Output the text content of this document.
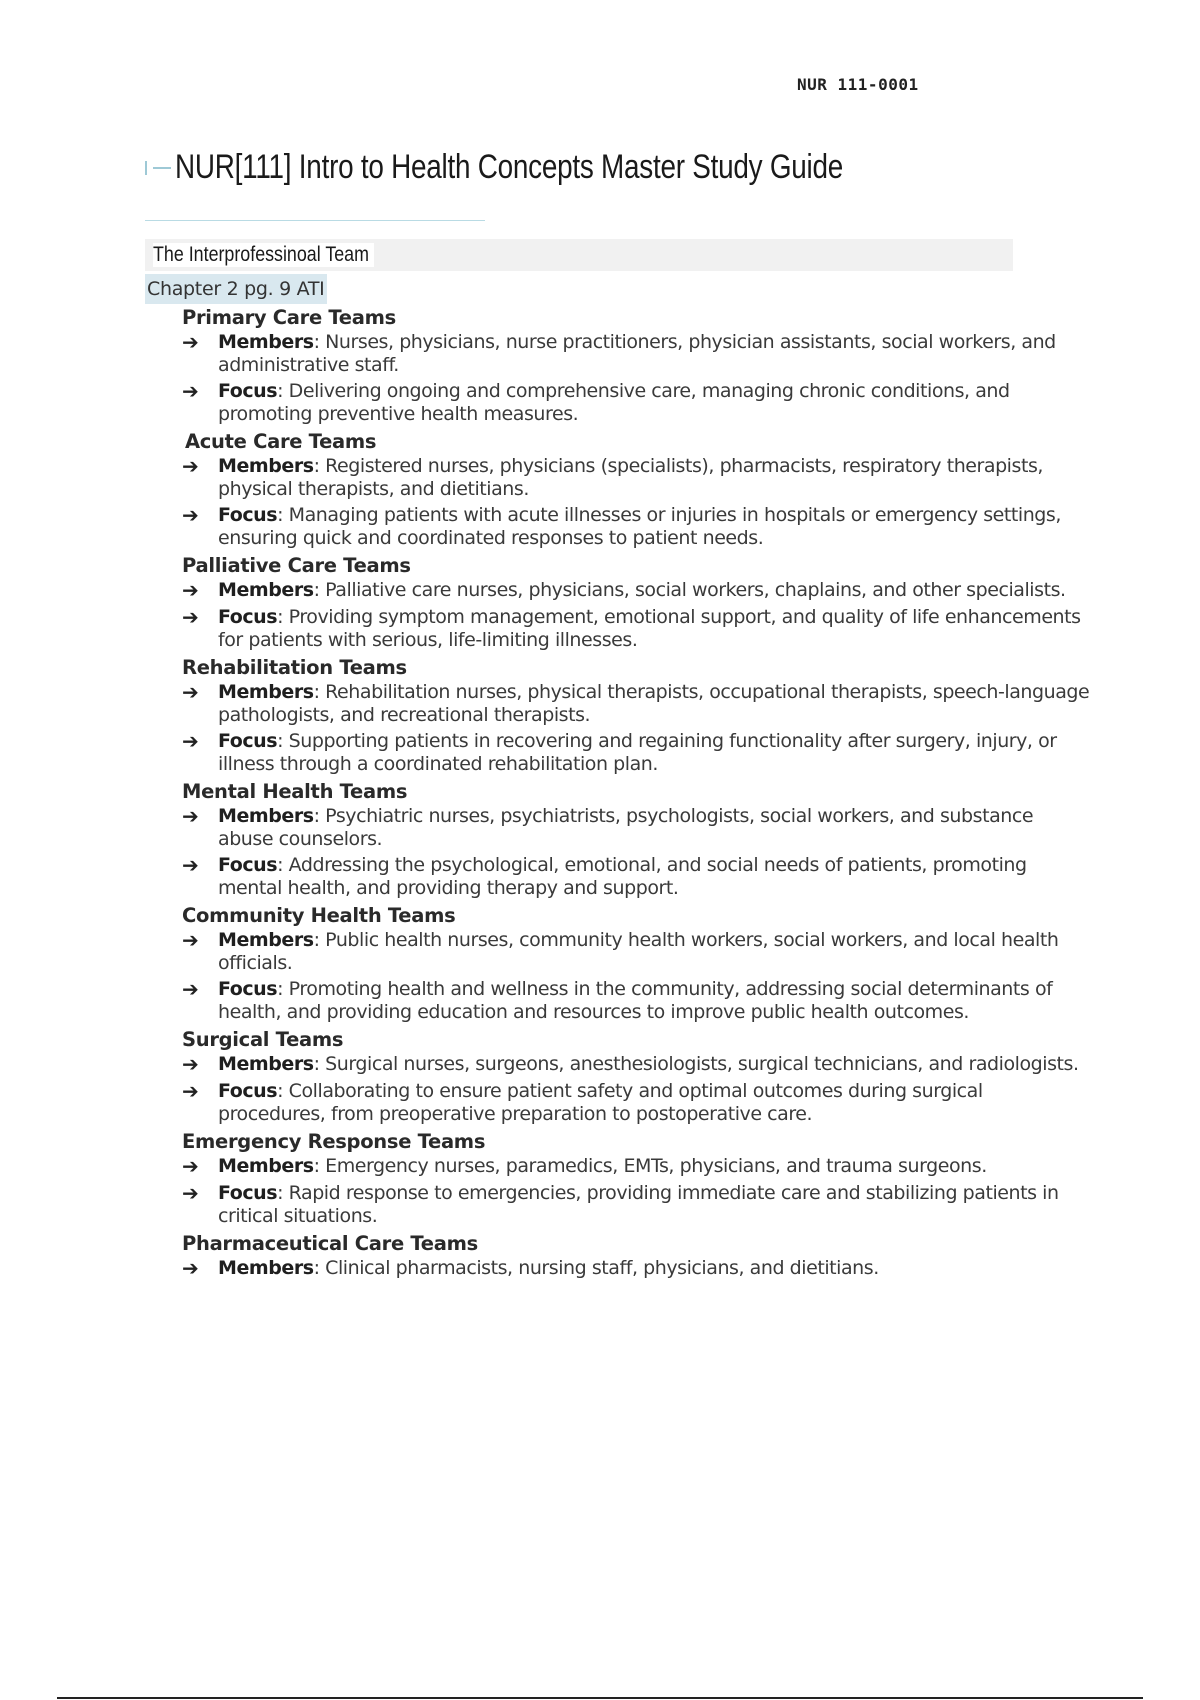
NUR 111-0001
NUR[111] Intro to Health Concepts Master Study Guide
The Interprofessinoal Team
Chapter 2 pg. 9 ATI
Primary Care Teams
➔	Members: Nurses, physicians, nurse practitioners, physician assistants, social workers, and administrative staff.
➔	Focus: Delivering ongoing and comprehensive care, managing chronic conditions, and promoting preventive health measures.
Acute Care Teams
➔	Members: Registered nurses, physicians (specialists), pharmacists, respiratory therapists, physical therapists, and dietitians.
➔	Focus: Managing patients with acute illnesses or injuries in hospitals or emergency settings, ensuring quick and coordinated responses to patient needs.
Palliative Care Teams
➔	Members: Palliative care nurses, physicians, social workers, chaplains, and other specialists.
➔	Focus: Providing symptom management, emotional support, and quality of life enhancements for patients with serious, life-limiting illnesses.
Rehabilitation Teams
➔	Members: Rehabilitation nurses, physical therapists, occupational therapists, speech-language pathologists, and recreational therapists.
➔	Focus: Supporting patients in recovering and regaining functionality after surgery, injury, or illness through a coordinated rehabilitation plan.
Mental Health Teams
➔	Members: Psychiatric nurses, psychiatrists, psychologists, social workers, and substance abuse counselors.
➔	Focus: Addressing the psychological, emotional, and social needs of patients, promoting mental health, and providing therapy and support.
Community Health Teams
➔	Members: Public health nurses, community health workers, social workers, and local health officials.
➔	Focus: Promoting health and wellness in the community, addressing social determinants of health, and providing education and resources to improve public health outcomes.
Surgical Teams
➔	Members: Surgical nurses, surgeons, anesthesiologists, surgical technicians, and radiologists.
➔	Focus: Collaborating to ensure patient safety and optimal outcomes during surgical procedures, from preoperative preparation to postoperative care.
Emergency Response Teams
➔	Members: Emergency nurses, paramedics, EMTs, physicians, and trauma surgeons.
➔	Focus: Rapid response to emergencies, providing immediate care and stabilizing patients in critical situations.
Pharmaceutical Care Teams
➔	Members: Clinical pharmacists, nursing staff, physicians, and dietitians.
